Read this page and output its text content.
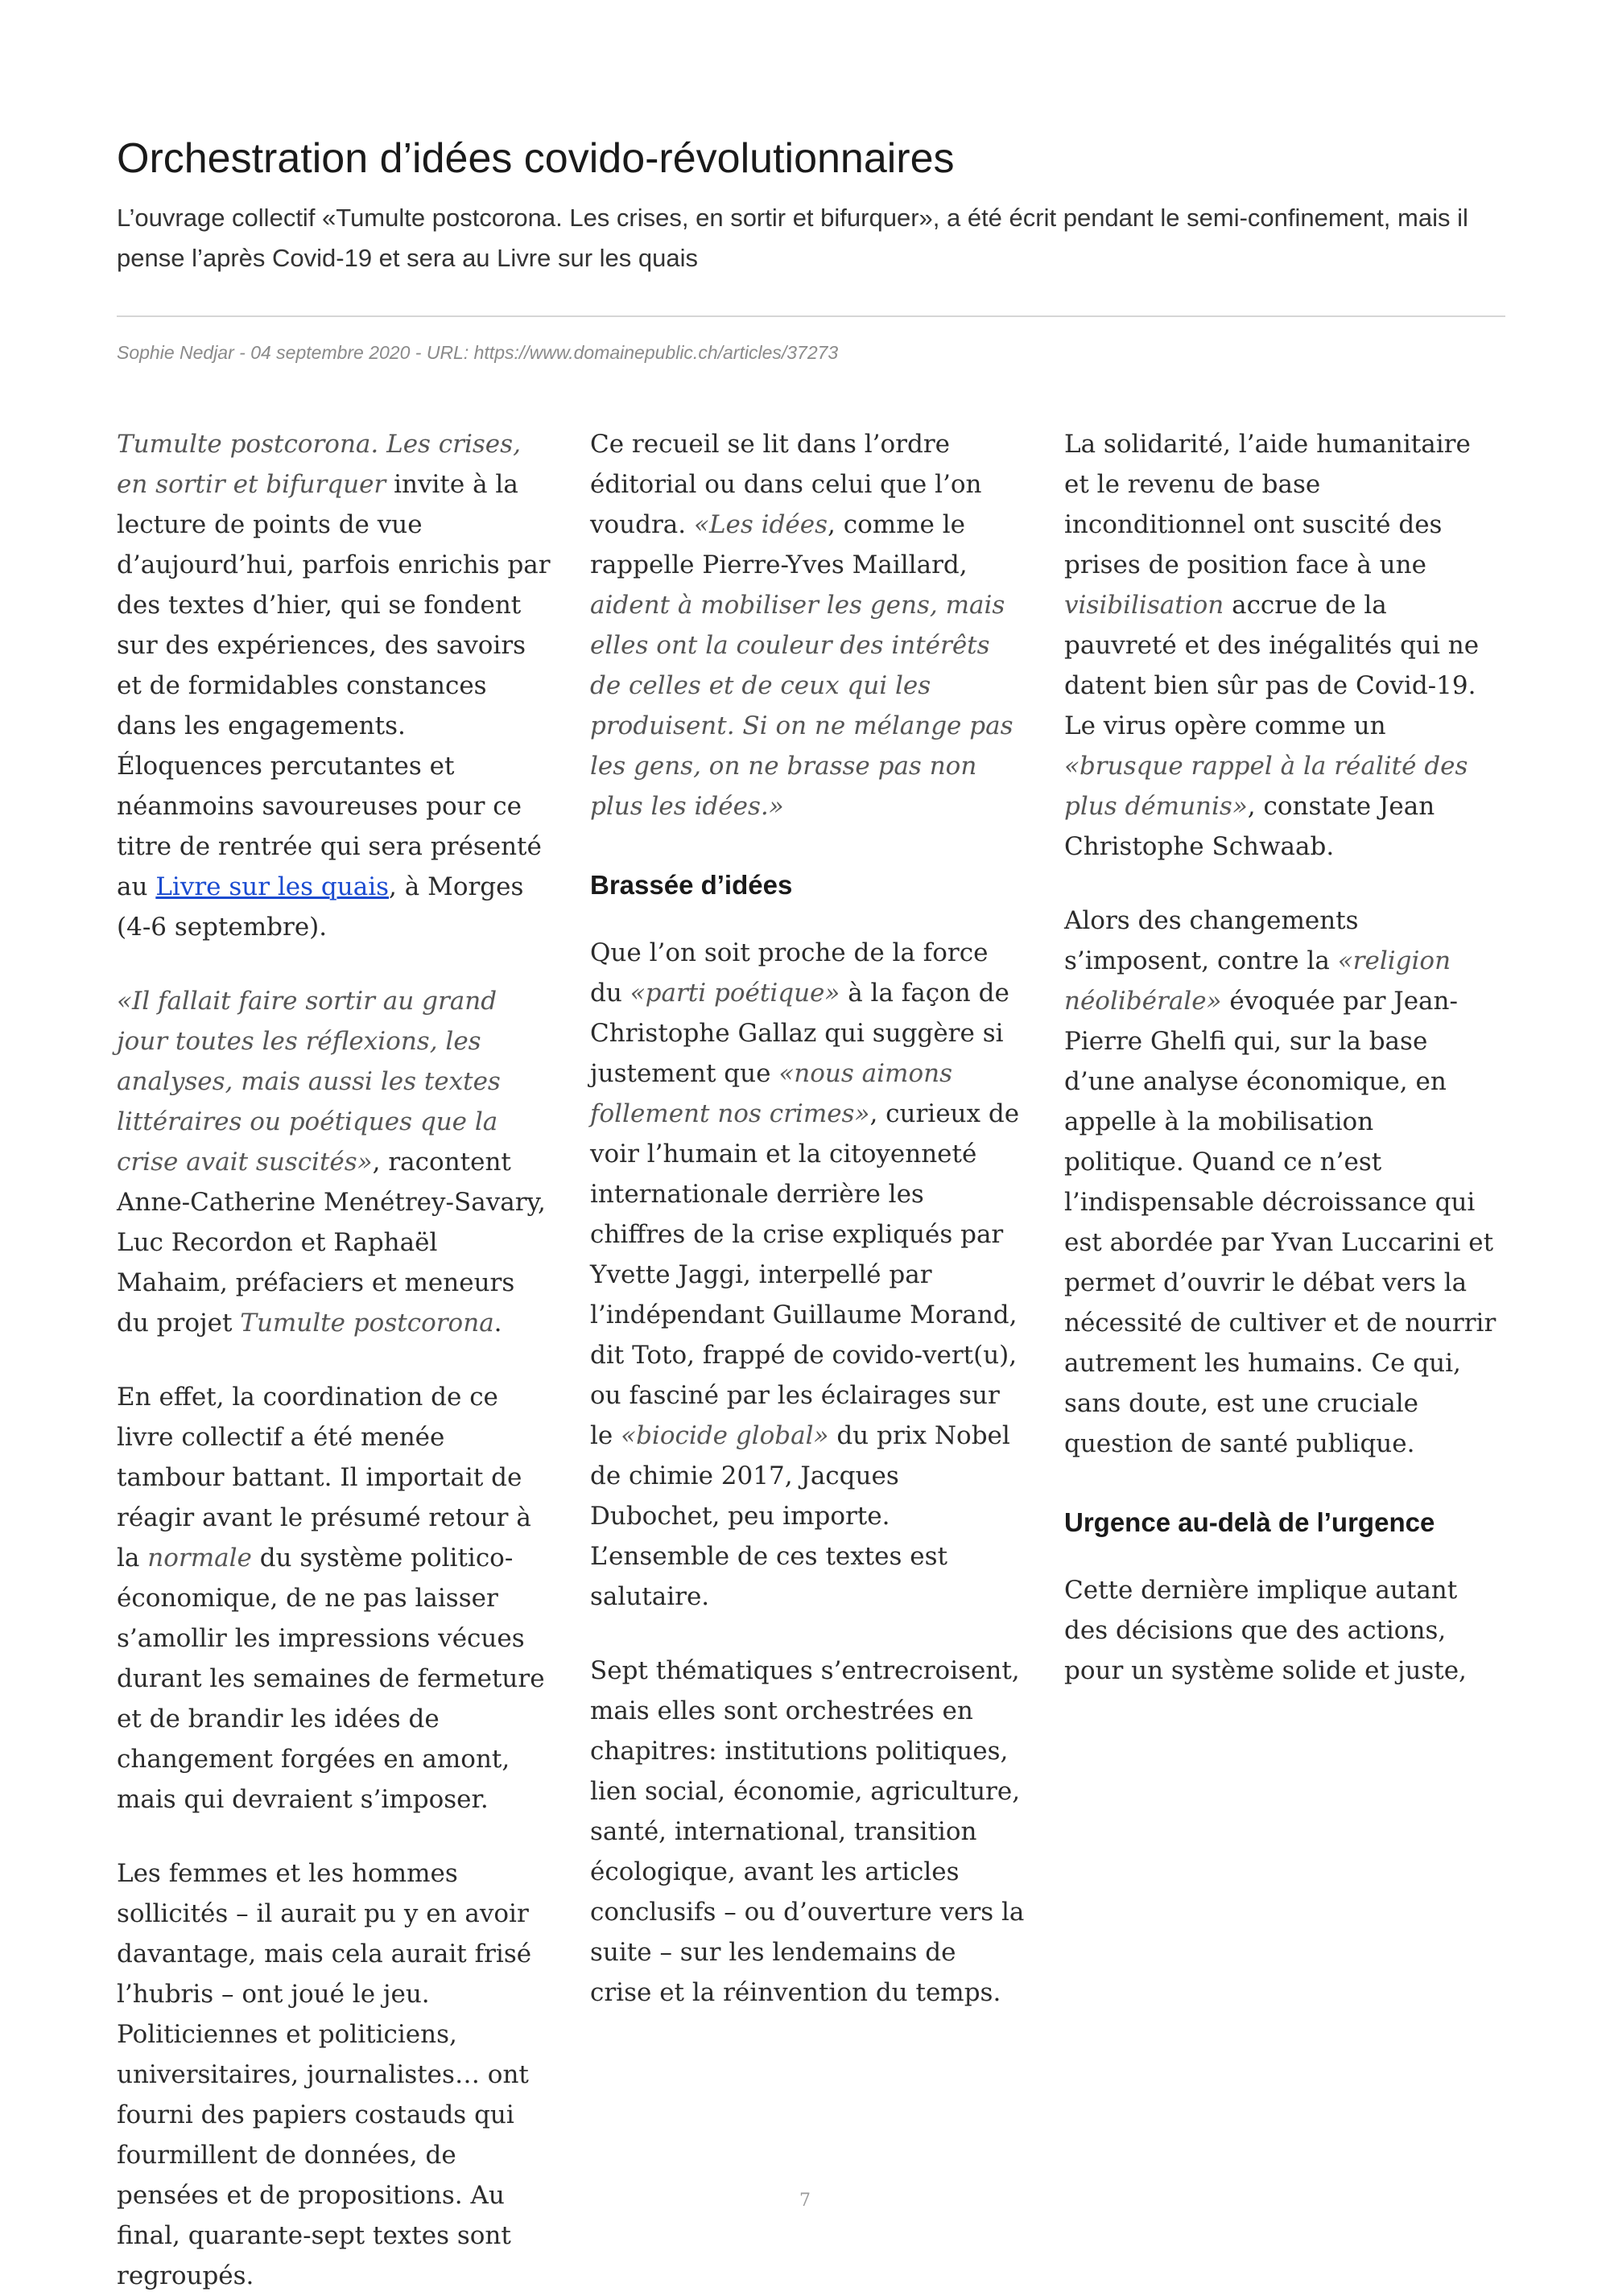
Orchestration d’idées covido-révolutionnaires

L’ouvrage collectif «Tumulte postcorona. Les crises, en sortir et bifurquer», a été écrit pendant le semi-confinement, mais il pense l’après Covid-19 et sera au Livre sur les quais

Sophie Nedjar - 04 septembre 2020 - URL: https://www.domainepublic.ch/articles/37273

Tumulte postcorona. Les crises, en sortir et bifurquer invite à la lecture de points de vue d’aujourd’hui, parfois enrichis par des textes d’hier, qui se fondent sur des expériences, des savoirs et de formidables constances dans les engagements. Éloquences percutantes et néanmoins savoureuses pour ce titre de rentrée qui sera présenté au Livre sur les quais, à Morges (4-6 septembre).

«Il fallait faire sortir au grand jour toutes les réflexions, les analyses, mais aussi les textes littéraires ou poétiques que la crise avait suscités», racontent Anne-Catherine Menétrey-Savary, Luc Recordon et Raphaël Mahaim, préfaciers et meneurs du projet Tumulte postcorona.

En effet, la coordination de ce livre collectif a été menée tambour battant. Il importait de réagir avant le présumé retour à la normale du système politico-économique, de ne pas laisser s’amollir les impressions vécues durant les semaines de fermeture et de brandir les idées de changement forgées en amont, mais qui devraient s’imposer.

Les femmes et les hommes sollicités – il aurait pu y en avoir davantage, mais cela aurait frisé l’hubris – ont joué le jeu. Politiciennes et politiciens, universitaires, journalistes… ont fourni des papiers costauds qui fourmillent de données, de pensées et de propositions. Au final, quarante-sept textes sont regroupés.

Ce recueil se lit dans l’ordre éditorial ou dans celui que l’on voudra. «Les idées, comme le rappelle Pierre-Yves Maillard, aident à mobiliser les gens, mais elles ont la couleur des intérêts de celles et de ceux qui les produisent. Si on ne mélange pas les gens, on ne brasse pas non plus les idées.»

Brassée d’idées

Que l’on soit proche de la force du «parti poétique» à la façon de Christophe Gallaz qui suggère si justement que «nous aimons follement nos crimes», curieux de voir l’humain et la citoyenneté internationale derrière les chiffres de la crise expliqués par Yvette Jaggi, interpellé par l’indépendant Guillaume Morand, dit Toto, frappé de covido-vert(u), ou fasciné par les éclairages sur le «biocide global» du prix Nobel de chimie 2017, Jacques Dubochet, peu importe. L’ensemble de ces textes est salutaire.

Sept thématiques s’entrecroisent, mais elles sont orchestrées en chapitres: institutions politiques, lien social, économie, agriculture, santé, international, transition écologique, avant les articles conclusifs – ou d’ouverture vers la suite – sur les lendemains de crise et la réinvention du temps.

La solidarité, l’aide humanitaire et le revenu de base inconditionnel ont suscité des prises de position face à une visibilisation accrue de la pauvreté et des inégalités qui ne datent bien sûr pas de Covid-19. Le virus opère comme un «brusque rappel à la réalité des plus démunis», constate Jean Christophe Schwaab.

Alors des changements s’imposent, contre la «religion néolibérale» évoquée par Jean-Pierre Ghelfi qui, sur la base d’une analyse économique, en appelle à la mobilisation politique. Quand ce n’est l’indispensable décroissance qui est abordée par Yvan Luccarini et permet d’ouvrir le débat vers la nécessité de cultiver et de nourrir autrement les humains. Ce qui, sans doute, est une cruciale question de santé publique.

Urgence au-delà de l’urgence

Cette dernière implique autant des décisions que des actions, pour un système solide et juste,

7
